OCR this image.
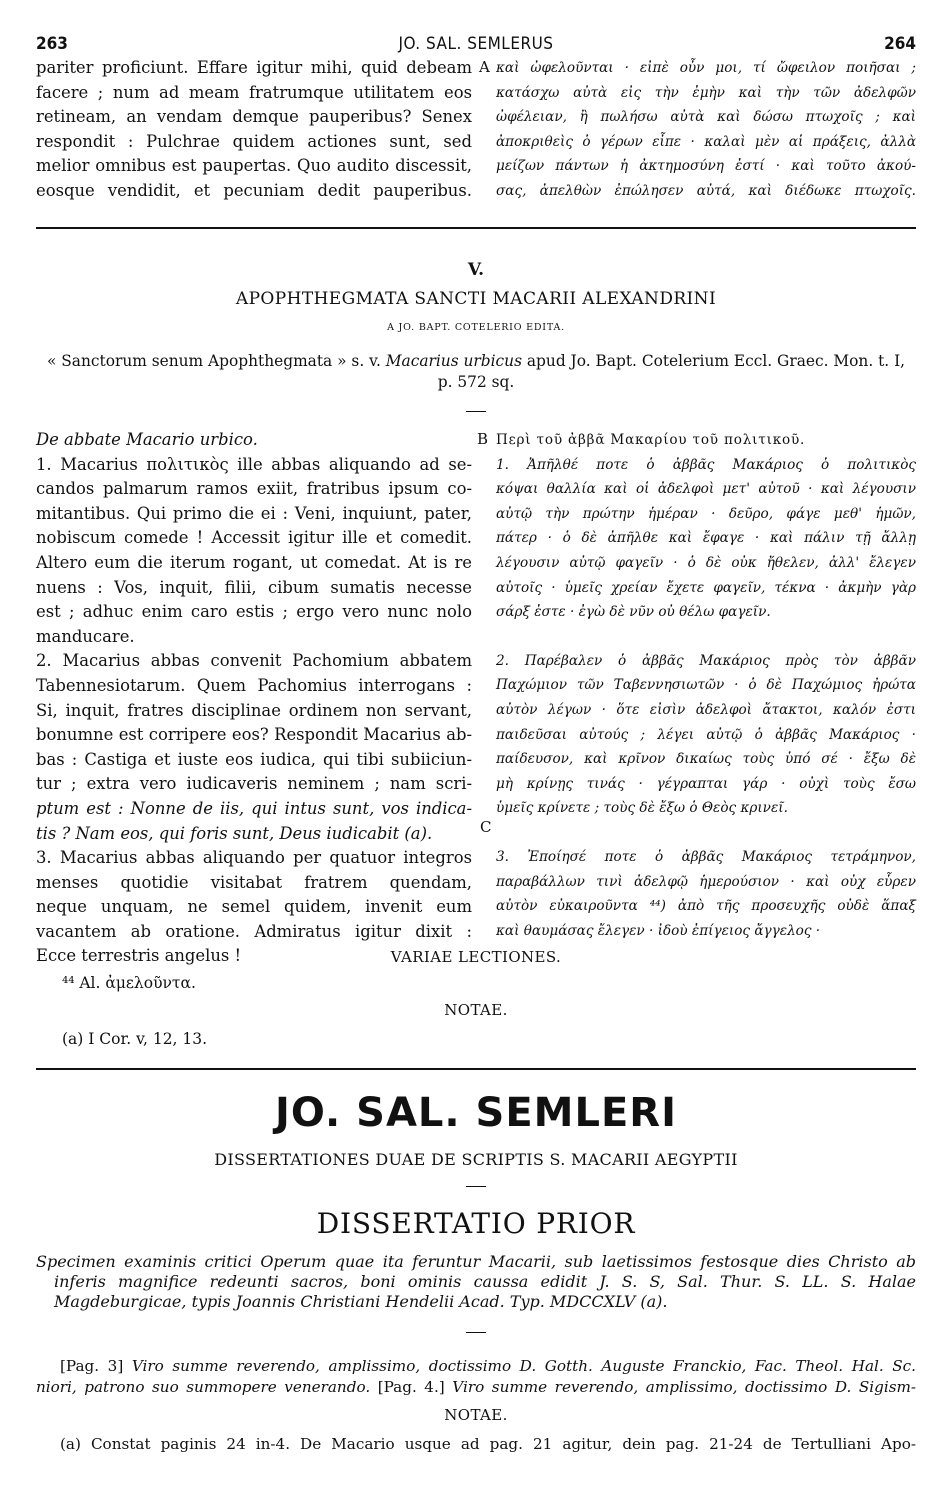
263	JO. SAL. SEMLERUS	264
pariter proficiunt. Effare igitur mihi, quid debeam
facere ; num ad meam fratrumque utilitatem eos
retineam, an vendam demque pauperibus? Senex
respondit : Pulchrae quidem actiones sunt, sed
melior omnibus est paupertas. Quo audito discessit,
eosque vendidit, et pecuniam dedit pauperibus.
A καὶ ὠφελοῦνται · εἰπὲ οὖν μοι, τί ὤφειλον ποιῆσαι ;
κατάσχω αὐτὰ εἰς τὴν ἐμὴν καὶ τὴν τῶν ἀδελφῶν
ὠφέλειαν, ἢ πωλήσω αὐτὰ καὶ δώσω πτωχοῖς ; καὶ
ἀποκριθεὶς ὁ γέρων εἶπε · καλαὶ μὲν αἱ πράξεις, ἀλλὰ
μείζων πάντων ἡ ἀκτημοσύνη ἐστί · καὶ τοῦτο ἀκού-
σας, ἀπελθὼν ἐπώλησεν αὐτά, καὶ διέδωκε πτωχοῖς.
V.
APOPHTHEGMATA SANCTI MACARII ALEXANDRINI
A JO. BAPT. COTELERIO EDITA.
« Sanctorum senum Apophthegmata » s. v. Macarius urbicus apud Jo. Bapt. Cotelerium Eccl. Graec. Mon. t. I,
p. 572 sq.
De abbate Macario urbico.
1. Macarius πολιτικὸς ille abbas aliquando ad se-
candos palmarum ramos exiit, fratribus ipsum co-
mitantibus. Qui primo die ei : Veni, inquiunt, pater,
nobiscum comede ! Accessit igitur ille et comedit.
Altero eum die iterum rogant, ut comedat. At is re
nuens : Vos, inquit, filii, cibum sumatis necesse
est ; adhuc enim caro estis ; ergo vero nunc nolo
manducare.
2. Macarius abbas convenit Pachomium abbatem
Tabennesiotarum. Quem Pachomius interrogans :
Si, inquit, fratres disciplinae ordinem non servant,
bonumne est corripere eos? Respondit Macarius ab-
bas : Castiga et iuste eos iudica, qui tibi subiiciun-
tur ; extra vero iudicaveris neminem ; nam scri-
ptum est : Nonne de iis, qui intus sunt, vos indica-
tis ? Nam eos, qui foris sunt, Deus iudicabit (a).
3. Macarius abbas aliquando per quatuor integros
menses quotidie visitabat fratrem quendam,
neque unquam, ne semel quidem, invenit eum
vacantem ab oratione. Admiratus igitur dixit :
Ecce terrestris angelus !
B
C
Περὶ τοῦ ἀββᾶ Μακαρίου τοῦ πολιτικοῦ.
1. Ἀπῆλθέ ποτε ὁ ἀββᾶς Μακάριος ὁ πολιτικὸς
κόψαι θαλλία καὶ οἱ ἀδελφοὶ μετ' αὐτοῦ · καὶ λέγουσιν
αὐτῷ τὴν πρώτην ἡμέραν · δεῦρο, φάγε μεθ' ἡμῶν,
πάτερ · ὁ δὲ ἀπῆλθε καὶ ἔφαγε · καὶ πάλιν τῇ ἄλλῃ
λέγουσιν αὐτῷ φαγεῖν · ὁ δὲ οὐκ ἤθελεν, ἀλλ' ἔλεγεν
αὐτοῖς · ὑμεῖς χρείαν ἔχετε φαγεῖν, τέκνα · ἀκμὴν γὰρ
σάρξ ἐστε · ἐγὼ δὲ νῦν οὐ θέλω φαγεῖν.
2. Παρέβαλεν ὁ ἀββᾶς Μακάριος πρὸς τὸν ἀββᾶν
Παχώμιον τῶν Ταβεννησιωτῶν · ὁ δὲ Παχώμιος ἠρώτα
αὐτὸν λέγων · ὅτε εἰσὶν ἀδελφοὶ ἄτακτοι, καλόν ἐστι
παιδεῦσαι αὐτούς ; λέγει αὐτῷ ὁ ἀββᾶς Μακάριος ·
παίδευσον, καὶ κρῖνον δικαίως τοὺς ὑπό σέ · ἔξω δὲ
μὴ κρίνῃς τινάς · γέγραπται γάρ · οὐχὶ τοὺς ἔσω
ὑμεῖς κρίνετε ; τοὺς δὲ ἔξω ὁ Θεὸς κρινεῖ.
3. Ἐποίησέ ποτε ὁ ἀββᾶς Μακάριος τετράμηνον,
παραβάλλων τινὶ ἀδελφῷ ἡμερούσιον · καὶ οὐχ εὗρεν
αὐτὸν εὐκαιροῦντα ⁴⁴) ἀπὸ τῆς προσευχῆς οὐδὲ ἅπαξ
καὶ θαυμάσας ἔλεγεν · ἰδοὺ ἐπίγειος ἄγγελος ·
VARIAE LECTIONES.
⁴⁴ Al. ἀμελοῦντα.
NOTAE.
(a) I Cor. v, 12, 13.
JO. SAL. SEMLERI
DISSERTATIONES DUAE DE SCRIPTIS S. MACARII AEGYPTII
DISSERTATIO PRIOR
Specimen examinis critici Operum quae ita feruntur Macarii, sub laetissimos festosque dies Christo ab
inferis magnifice redeunti sacros, boni ominis caussa edidit J. S. S, Sal. Thur. S. LL. S. Halae
Magdeburgicae, typis Joannis Christiani Hendelii Acad. Typ. MDCCXLV (a).
[Pag. 3] Viro summe reverendo, amplissimo, doctissimo D. Gotth. Auguste Franckio, Fac. Theol. Hal. Sc.
niori, patrono suo summopere venerando. [Pag. 4.] Viro summe reverendo, amplissimo, doctissimo D. Sigism-
NOTAE.
(a) Constat paginis 24 in-4. De Macario usque ad pag. 21 agitur, dein pag. 21-24 de Tertulliani Apo-
